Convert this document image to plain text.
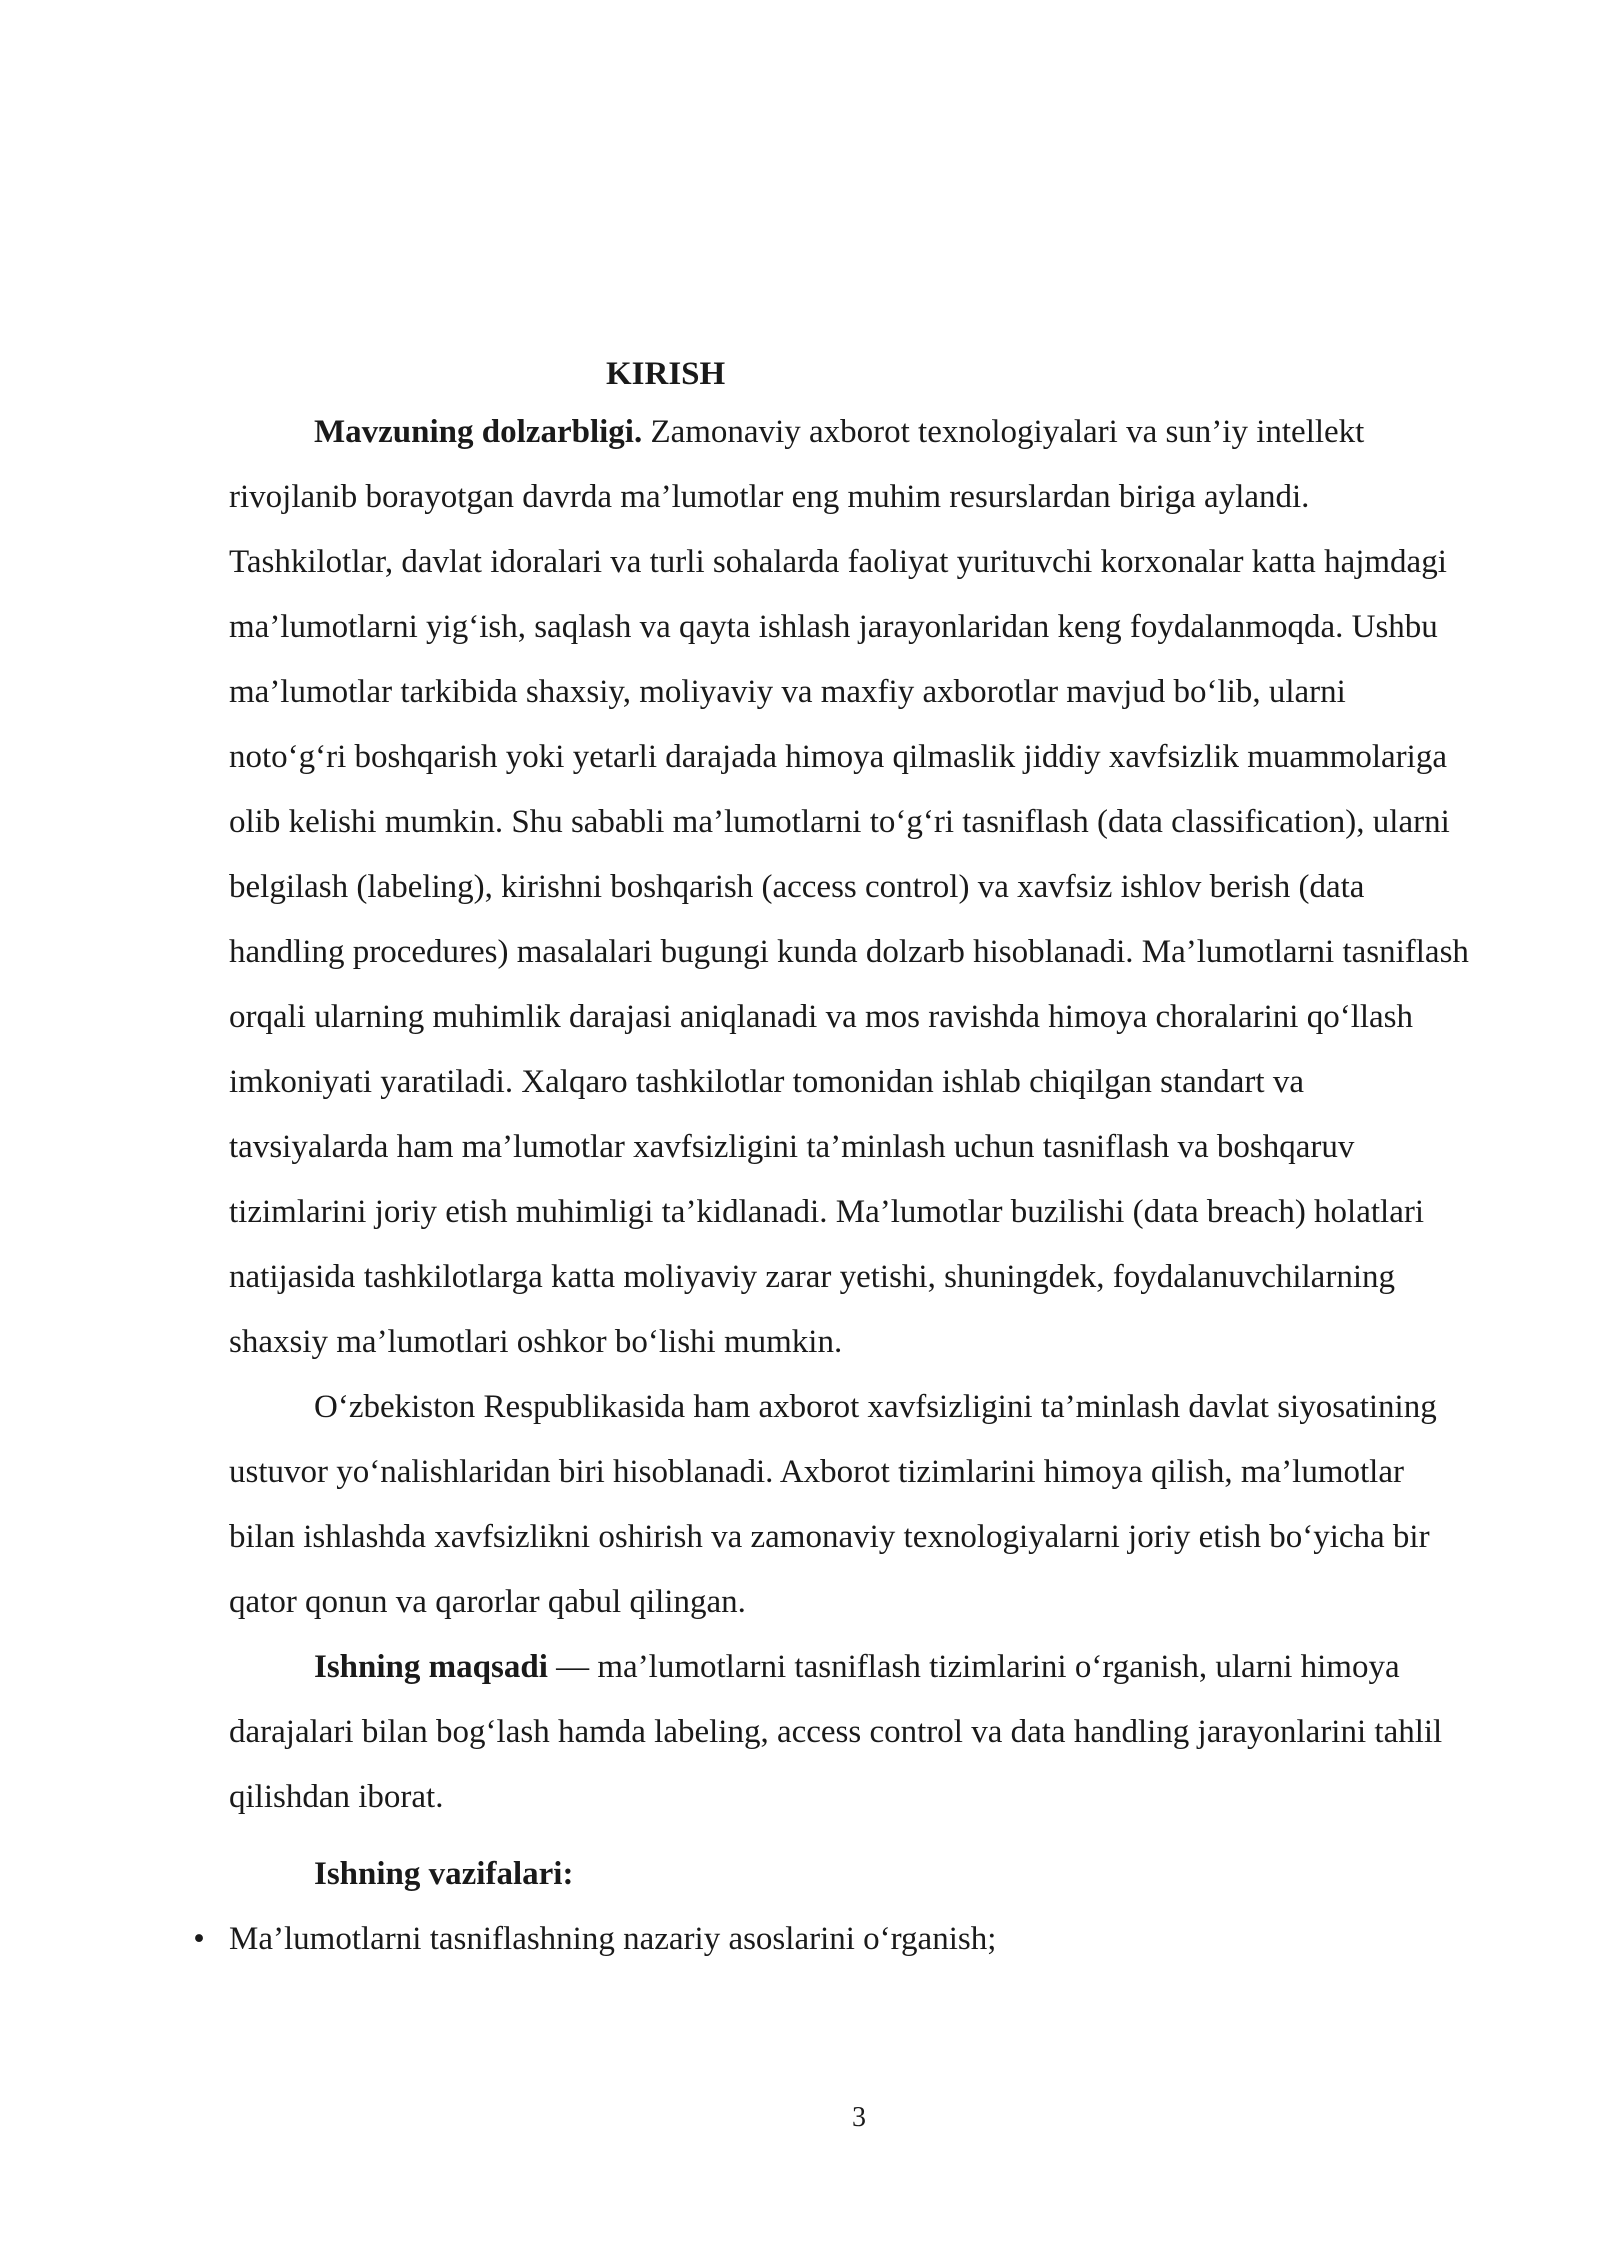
KIRISH

Mavzuning dolzarbligi. Zamonaviy axborot texnologiyalari va sun’iy intellekt rivojlanib borayotgan davrda ma’lumotlar eng muhim resurslardan biriga aylandi. Tashkilotlar, davlat idoralari va turli sohalarda faoliyat yurituvchi korxonalar katta hajmdagi ma’lumotlarni yig‘ish, saqlash va qayta ishlash jarayonlaridan keng foydalanmoqda. Ushbu ma’lumotlar tarkibida shaxsiy, moliyaviy va maxfiy axborotlar mavjud bo‘lib, ularni noto‘g‘ri boshqarish yoki yetarli darajada himoya qilmaslik jiddiy xavfsizlik muammolariga olib kelishi mumkin. Shu sababli ma’lumotlarni to‘g‘ri tasniflash (data classification), ularni belgilash (labeling), kirishni boshqarish (access control) va xavfsiz ishlov berish (data handling procedures) masalalari bugungi kunda dolzarb hisoblanadi. Ma’lumotlarni tasniflash orqali ularning muhimlik darajasi aniqlanadi va mos ravishda himoya choralarini qo‘llash imkoniyati yaratiladi. Xalqaro tashkilotlar tomonidan ishlab chiqilgan standart va tavsiyalarda ham ma’lumotlar xavfsizligini ta’minlash uchun tasniflash va boshqaruv tizimlarini joriy etish muhimligi ta’kidlanadi. Ma’lumotlar buzilishi (data breach) holatlari natijasida tashkilotlarga katta moliyaviy zarar yetishi, shuningdek, foydalanuvchilarning shaxsiy ma’lumotlari oshkor bo‘lishi mumkin.

O‘zbekiston Respublikasida ham axborot xavfsizligini ta’minlash davlat siyosatining ustuvor yo‘nalishlaridan biri hisoblanadi. Axborot tizimlarini himoya qilish, ma’lumotlar bilan ishlashda xavfsizlikni oshirish va zamonaviy texnologiyalarni joriy etish bo‘yicha bir qator qonun va qarorlar qabul qilingan.

Ishning maqsadi — ma’lumotlarni tasniflash tizimlarini o‘rganish, ularni himoya darajalari bilan bog‘lash hamda labeling, access control va data handling jarayonlarini tahlil qilishdan iborat.

Ishning vazifalari:

• Ma’lumotlarni tasniflashning nazariy asoslarini o‘rganish;
3
